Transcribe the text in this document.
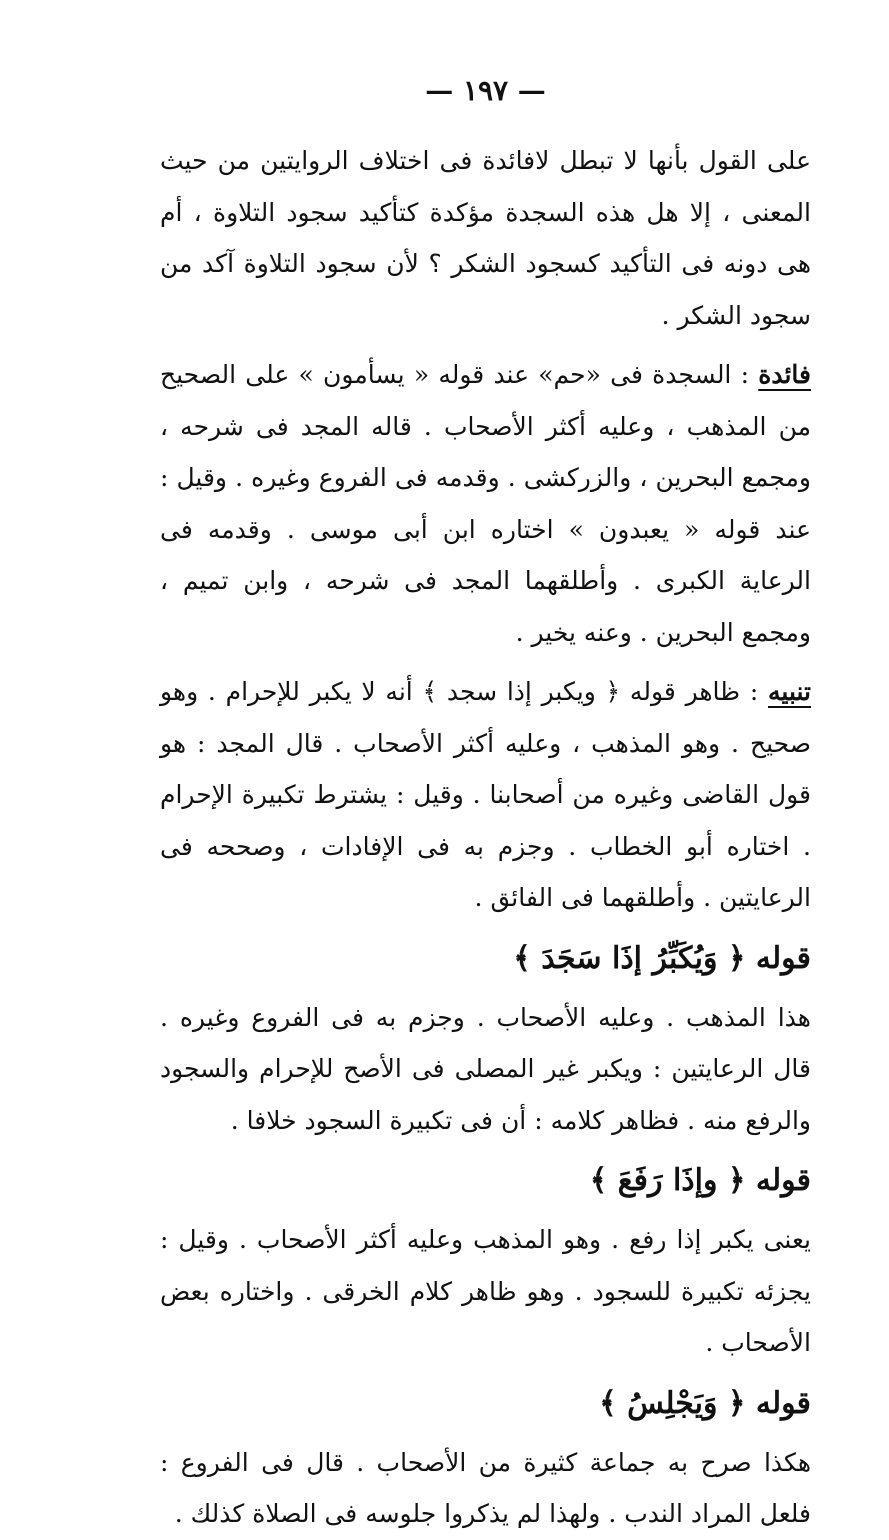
— ١٩٧ —

على القول بأنها لا تبطل لافائدة فى اختلاف الروايتين من حيث المعنى ، إلا هل هذه السجدة مؤكدة كتأكيد سجود التلاوة ، أم هى دونه فى التأكيد كسجود الشكر ؟ لأن سجود التلاوة آكد من سجود الشكر .

فائدة : السجدة فى «حم» عند قوله « يسأمون » على الصحيح من المذهب ، وعليه أكثر الأصحاب . قاله المجد فى شرحه ، ومجمع البحرين ، والزركشى . وقدمه فى الفروع وغيره . وقيل : عند قوله « يعبدون » اختاره ابن أبى موسى . وقدمه فى الرعاية الكبرى . وأطلقهما المجد فى شرحه ، وابن تميم ، ومجمع البحرين . وعنه يخير .

تنبيه : ظاهر قوله ﴿ ويكبر إذا سجد ﴾ أنه لا يكبر للإحرام . وهو صحيح . وهو المذهب ، وعليه أكثر الأصحاب . قال المجد : هو قول القاضى وغيره من أصحابنا . وقيل : يشترط تكبيرة الإحرام . اختاره أبو الخطاب . وجزم به فى الإفادات ، وصححه فى الرعايتين . وأطلقهما فى الفائق .

قوله ﴿ وَيُكَبِّرُ إذَا سَجَدَ ﴾

هذا المذهب . وعليه الأصحاب . وجزم به فى الفروع وغيره . قال الرعايتين : ويكبر غير المصلى فى الأصح للإحرام والسجود والرفع منه . فظاهر كلامه : أن فى تكبيرة السجود خلافا .

قوله ﴿ وإذَا رَفَعَ ﴾

يعنى يكبر إذا رفع . وهو المذهب وعليه أكثر الأصحاب . وقيل : يجزئه تكبيرة للسجود . وهو ظاهر كلام الخرقى . واختاره بعض الأصحاب .

قوله ﴿ وَيَجْلِسُ ﴾

هكذا صرح به جماعة كثيرة من الأصحاب . قال فى الفروع : فلعل المراد الندب . ولهذا لم يذكروا جلوسه فى الصلاة كذلك .
